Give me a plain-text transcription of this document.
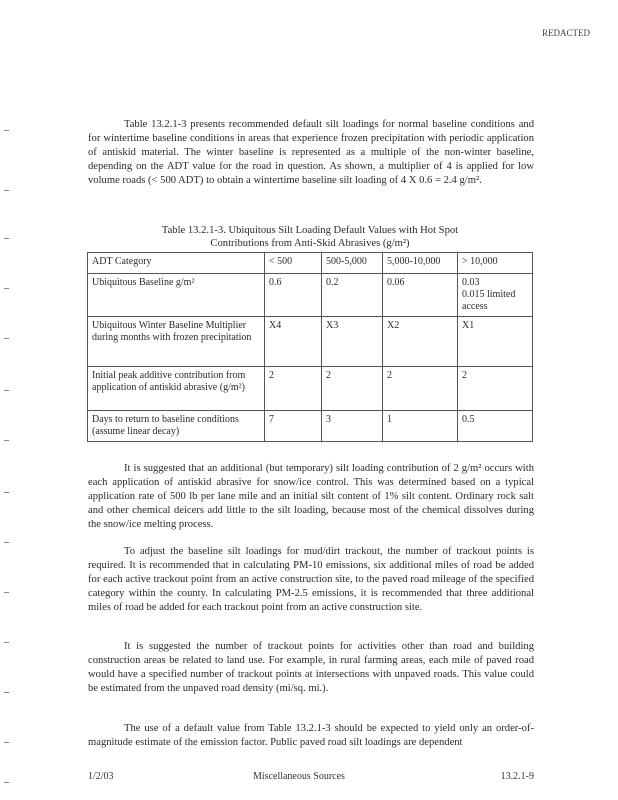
REDACTED

Table 13.2.1-3 presents recommended default silt loadings for normal baseline conditions and for wintertime baseline conditions in areas that experience frozen precipitation with periodic application of antiskid material. The winter baseline is represented as a multiple of the non-winter baseline, depending on the ADT value for the road in question. As shown, a multiplier of 4 is applied for low volume roads (< 500 ADT) to obtain a wintertime baseline silt loading of 4 X 0.6 = 2.4 g/m².

Table 13.2.1-3. Ubiquitous Silt Loading Default Values with Hot Spot
Contributions from Anti-Skid Abrasives (g/m²)
ADT Category	< 500	500-5,000	5,000-10,000	> 10,000
Ubiquitous Baseline g/m²	0.6	0.2	0.06	0.03
0.015 limited access
Ubiquitous Winter Baseline Multiplier during months with frozen precipitation	X4	X3	X2	X1
Initial peak additive contribution from application of antiskid abrasive (g/m²)	2	2	2	2
Days to return to baseline conditions (assume linear decay)	7	3	1	0.5

It is suggested that an additional (but temporary) silt loading contribution of 2 g/m² occurs with each application of antiskid abrasive for snow/ice control. This was determined based on a typical application rate of 500 lb per lane mile and an initial silt content of 1% silt content. Ordinary rock salt and other chemical deicers add little to the silt loading, because most of the chemical dissolves during the snow/ice melting process.

To adjust the baseline silt loadings for mud/dirt trackout, the number of trackout points is required. It is recommended that in calculating PM-10 emissions, six additional miles of road be added for each active trackout point from an active construction site, to the paved road mileage of the specified category within the county. In calculating PM-2.5 emissions, it is recommended that three additional miles of road be added for each trackout point from an active construction site.

It is suggested the number of trackout points for activities other than road and building construction areas be related to land use. For example, in rural farming areas, each mile of paved road would have a specified number of trackout points at intersections with unpaved roads. This value could be estimated from the unpaved road density (mi/sq. mi.).

The use of a default value from Table 13.2.1-3 should be expected to yield only an order-of-magnitude estimate of the emission factor. Public paved road silt loadings are dependent

1/2/03	Miscellaneous Sources	13.2.1-9
